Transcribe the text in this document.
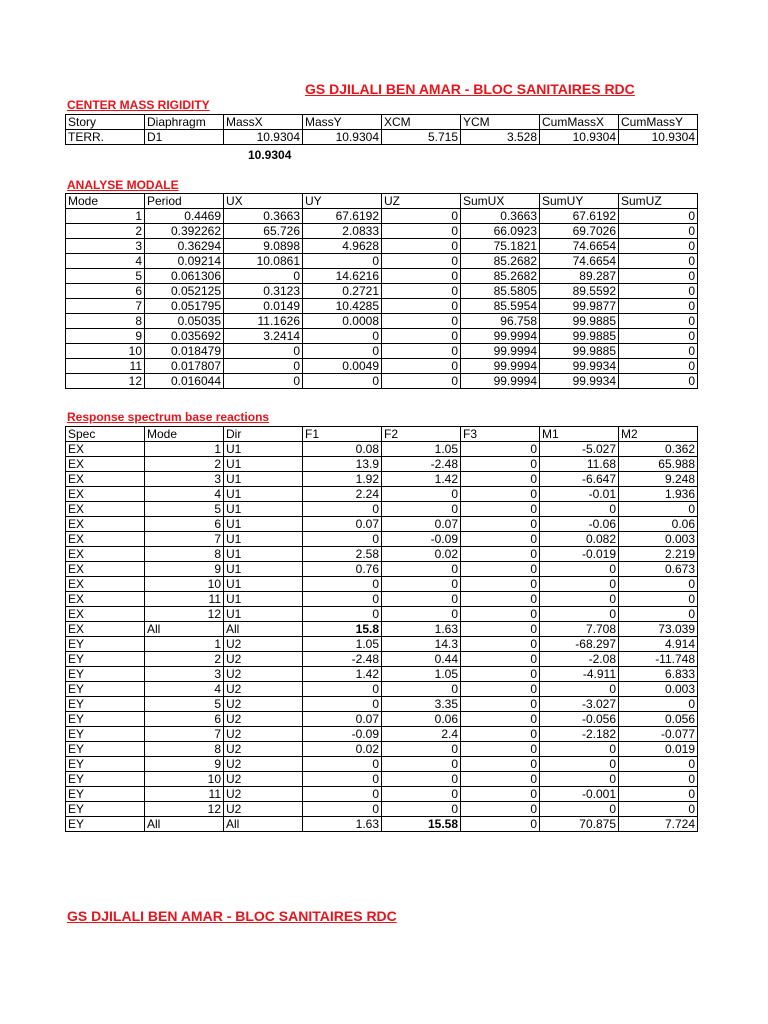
GS DJILALI BEN AMAR - BLOC SANITAIRES RDC
CENTER MASS RIGIDITY
Story	Diaphragm	MassX	MassY	XCM	YCM	CumMassX	CumMassY
TERR.	D1	10.9304	10.9304	5.715	3.528	10.9304	10.9304
10.9304
ANALYSE MODALE
Mode	Period	UX	UY	UZ	SumUX	SumUY	SumUZ
1	0.4469	0.3663	67.6192	0	0.3663	67.6192	0
2	0.392262	65.726	2.0833	0	66.0923	69.7026	0
3	0.36294	9.0898	4.9628	0	75.1821	74.6654	0
4	0.09214	10.0861	0	0	85.2682	74.6654	0
5	0.061306	0	14.6216	0	85.2682	89.287	0
6	0.052125	0.3123	0.2721	0	85.5805	89.5592	0
7	0.051795	0.0149	10.4285	0	85.5954	99.9877	0
8	0.05035	11.1626	0.0008	0	96.758	99.9885	0
9	0.035692	3.2414	0	0	99.9994	99.9885	0
10	0.018479	0	0	0	99.9994	99.9885	0
11	0.017807	0	0.0049	0	99.9994	99.9934	0
12	0.016044	0	0	0	99.9994	99.9934	0
Response spectrum base reactions
Spec	Mode	Dir	F1	F2	F3	M1	M2
EX	1	U1	0.08	1.05	0	-5.027	0.362
EX	2	U1	13.9	-2.48	0	11.68	65.988
EX	3	U1	1.92	1.42	0	-6.647	9.248
EX	4	U1	2.24	0	0	-0.01	1.936
EX	5	U1	0	0	0	0	0
EX	6	U1	0.07	0.07	0	-0.06	0.06
EX	7	U1	0	-0.09	0	0.082	0.003
EX	8	U1	2.58	0.02	0	-0.019	2.219
EX	9	U1	0.76	0	0	0	0.673
EX	10	U1	0	0	0	0	0
EX	11	U1	0	0	0	0	0
EX	12	U1	0	0	0	0	0
EX	All	All	15.8	1.63	0	7.708	73.039
EY	1	U2	1.05	14.3	0	-68.297	4.914
EY	2	U2	-2.48	0.44	0	-2.08	-11.748
EY	3	U2	1.42	1.05	0	-4.911	6.833
EY	4	U2	0	0	0	0	0.003
EY	5	U2	0	3.35	0	-3.027	0
EY	6	U2	0.07	0.06	0	-0.056	0.056
EY	7	U2	-0.09	2.4	0	-2.182	-0.077
EY	8	U2	0.02	0	0	0	0.019
EY	9	U2	0	0	0	0	0
EY	10	U2	0	0	0	0	0
EY	11	U2	0	0	0	-0.001	0
EY	12	U2	0	0	0	0	0
EY	All	All	1.63	15.58	0	70.875	7.724
GS DJILALI BEN AMAR - BLOC SANITAIRES RDC
